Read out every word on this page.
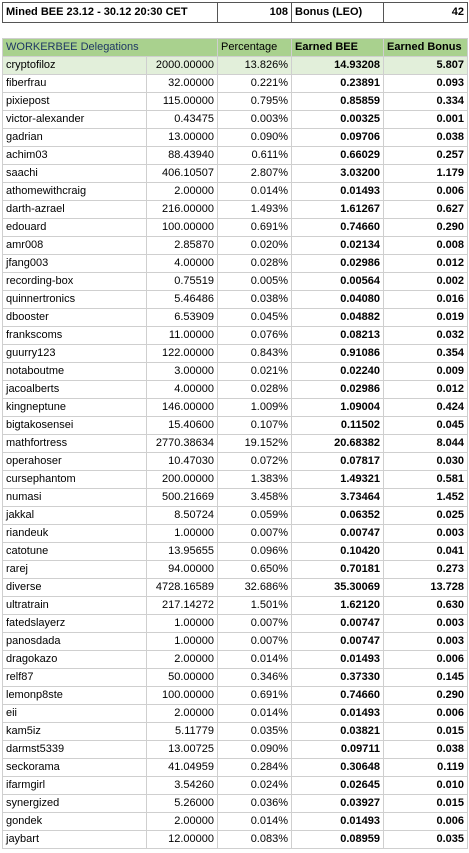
Mined BEE 23.12 - 30.12 20:30 CET		108	Bonus (LEO)	42

WORKERBEE Delegations		Percentage	Earned BEE	Earned Bonus
cryptofiloz	2000.00000	13.826%	14.93208	5.807
fiberfrau	32.00000	0.221%	0.23891	0.093
pixiepost	115.00000	0.795%	0.85859	0.334
victor-alexander	0.43475	0.003%	0.00325	0.001
gadrian	13.00000	0.090%	0.09706	0.038
achim03	88.43940	0.611%	0.66029	0.257
saachi	406.10507	2.807%	3.03200	1.179
athomewithcraig	2.00000	0.014%	0.01493	0.006
darth-azrael	216.00000	1.493%	1.61267	0.627
edouard	100.00000	0.691%	0.74660	0.290
amr008	2.85870	0.020%	0.02134	0.008
jfang003	4.00000	0.028%	0.02986	0.012
recording-box	0.75519	0.005%	0.00564	0.002
quinnertronics	5.46486	0.038%	0.04080	0.016
dbooster	6.53909	0.045%	0.04882	0.019
frankscoms	11.00000	0.076%	0.08213	0.032
guurry123	122.00000	0.843%	0.91086	0.354
notaboutme	3.00000	0.021%	0.02240	0.009
jacoalberts	4.00000	0.028%	0.02986	0.012
kingneptune	146.00000	1.009%	1.09004	0.424
bigtakosensei	15.40600	0.107%	0.11502	0.045
mathfortress	2770.38634	19.152%	20.68382	8.044
operahoser	10.47030	0.072%	0.07817	0.030
cursephantom	200.00000	1.383%	1.49321	0.581
numasi	500.21669	3.458%	3.73464	1.452
jakkal	8.50724	0.059%	0.06352	0.025
riandeuk	1.00000	0.007%	0.00747	0.003
catotune	13.95655	0.096%	0.10420	0.041
rarej	94.00000	0.650%	0.70181	0.273
diverse	4728.16589	32.686%	35.30069	13.728
ultratrain	217.14272	1.501%	1.62120	0.630
fatedslayerz	1.00000	0.007%	0.00747	0.003
panosdada	1.00000	0.007%	0.00747	0.003
dragokazo	2.00000	0.014%	0.01493	0.006
relf87	50.00000	0.346%	0.37330	0.145
lemonp8ste	100.00000	0.691%	0.74660	0.290
eii	2.00000	0.014%	0.01493	0.006
kam5iz	5.11779	0.035%	0.03821	0.015
darmst5339	13.00725	0.090%	0.09711	0.038
seckorama	41.04959	0.284%	0.30648	0.119
ifarmgirl	3.54260	0.024%	0.02645	0.010
synergized	5.26000	0.036%	0.03927	0.015
gondek	2.00000	0.014%	0.01493	0.006
jaybart	12.00000	0.083%	0.08959	0.035
